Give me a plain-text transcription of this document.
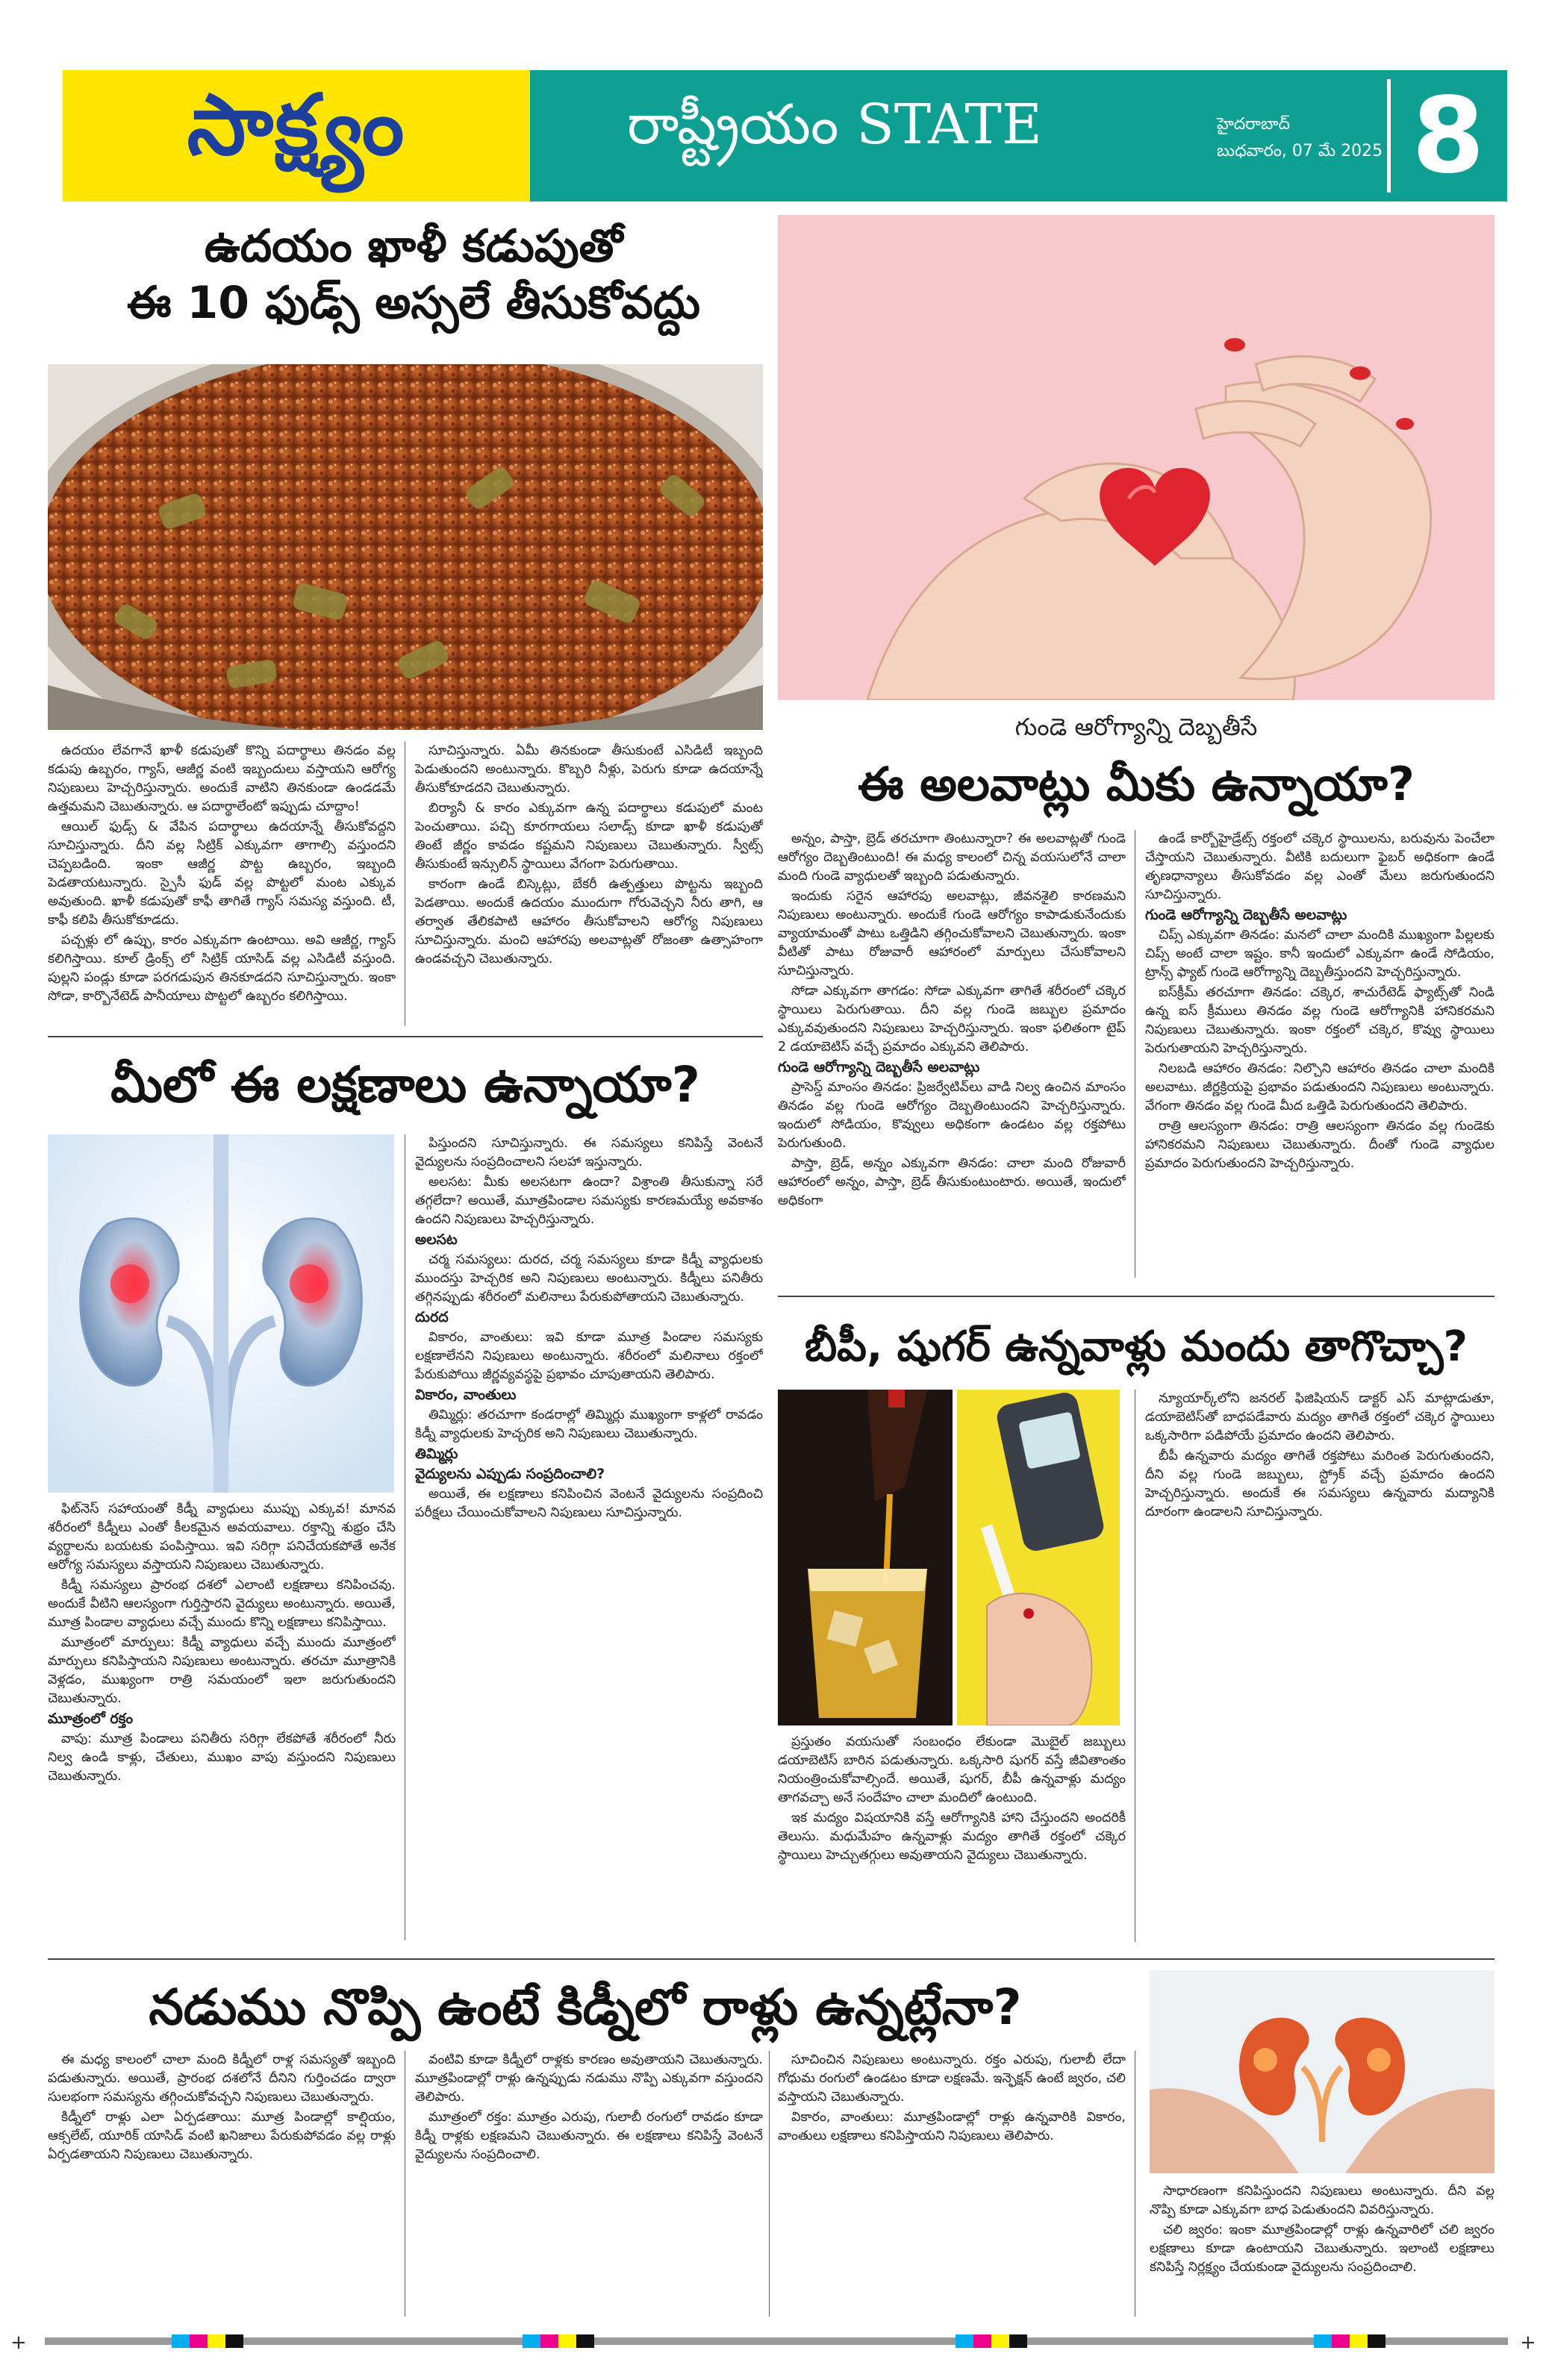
సాక్ష్యం	రాష్ట్రీయం STATE	హైదరాబాద్
బుధవారం, 07 మే 2025 8
ఉదయం ఖాళీ కడుపుతో
ఈ 10 ఫుడ్స్ అస్సలే తీసుకోవద్దు

ఉదయం లేవగానే ఖాళీ కడుపుతో కొన్ని పదార్థాలు తినడం వల్ల కడుపు ఉబ్బరం, గ్యాస్, ఆజీర్ణ వంటి ఇబ్బందులు వస్తాయని ఆరోగ్య నిపుణులు హెచ్చరిస్తున్నారు. అందుకే వాటిని తినకుండా ఉండడమే ఉత్తమమని చెబుతున్నారు. ఆ పదార్థాలేంటో ఇప్పుడు చూద్దాం!

ఆయిల్ ఫుడ్స్ & వేపిన పదార్థాలు ఉదయాన్నే తీసుకోవద్దని సూచిస్తున్నారు. దీని వల్ల సిట్రిక్ ఎక్కువగా తాగాల్సి వస్తుందని చెప్పబడింది. ఇంకా ఆజీర్ణ పొట్ట ఉబ్బరం, ఇబ్బంది పెడతాయటున్నారు. స్పైసీ ఫుడ్ వల్ల పొట్టలో మంట ఎక్కువ అవుతుంది. ఖాళీ కడుపుతో కాఫీ తాగితే గ్యాస్ సమస్య వస్తుంది. టీ, కాఫీ కలిపి తీసుకోకూడదు.

పచ్చళ్లు లో ఉప్పు, కారం ఎక్కువగా ఉంటాయి. అవి ఆజీర్ణ, గ్యాస్ కలిగిస్తాయి. కూల్ డ్రింక్స్ లో సిట్రిక్ యాసిడ్ వల్ల ఎసిడిటీ వస్తుంది. పుల్లని పండ్లు కూడా పరగడుపున తినకూడదని సూచిస్తున్నారు. ఇంకా సోడా, కార్బొనేటెడ్ పానీయాలు పొట్టలో ఉబ్బరం కలిగిస్తాయి.

సూచిస్తున్నారు. ఏమీ తినకుండా తీసుకుంటే ఎసిడిటీ ఇబ్బంది పెడుతుందని అంటున్నారు. కొబ్బరి నీళ్లు, పెరుగు కూడా ఉదయాన్నే తీసుకోకూడదని చెబుతున్నారు.

బిర్యానీ & కారం ఎక్కువగా ఉన్న పదార్థాలు కడుపులో మంట పెంచుతాయి. పచ్చి కూరగాయలు సలాడ్స్ కూడా ఖాళీ కడుపుతో తింటే జీర్ణం కావడం కష్టమని నిపుణులు చెబుతున్నారు. స్వీట్స్ తీసుకుంటే ఇన్సులిన్ స్థాయిలు వేగంగా పెరుగుతాయి.

కారంగా ఉండే బిస్కెట్లు, బేకరీ ఉత్పత్తులు పొట్టను ఇబ్బంది పెడతాయి. అందుకే ఉదయం ముందుగా గోరువెచ్చని నీరు తాగి, ఆ తర్వాత తేలికపాటి ఆహారం తీసుకోవాలని ఆరోగ్య నిపుణులు సూచిస్తున్నారు. మంచి ఆహారపు అలవాట్లతో రోజంతా ఉత్సాహంగా ఉండవచ్చని చెబుతున్నారు.

గుండె ఆరోగ్యాన్ని దెబ్బతీసే
ఈ అలవాట్లు మీకు ఉన్నాయా?

అన్నం, పాస్తా, బ్రెడ్ తరచూగా తింటున్నారా? ఈ అలవాట్లతో గుండె ఆరోగ్యం దెబ్బతింటుంది! ఈ మధ్య కాలంలో చిన్న వయసులోనే చాలా మంది గుండె వ్యాధులతో ఇబ్బంది పడుతున్నారు.

ఇందుకు సరైన ఆహారపు అలవాట్లు, జీవనశైలి కారణమని నిపుణులు అంటున్నారు. అందుకే గుండె ఆరోగ్యం కాపాడుకునేందుకు వ్యాయామంతో పాటు ఒత్తిడిని తగ్గించుకోవాలని చెబుతున్నారు. ఇంకా వీటితో పాటు రోజువారీ ఆహారంలో మార్పులు చేసుకోవాలని సూచిస్తున్నారు.

సోడా ఎక్కువగా తాగడం: సోడా ఎక్కువగా తాగితే శరీరంలో చక్కెర స్థాయిలు పెరుగుతాయి. దీని వల్ల గుండె జబ్బుల ప్రమాదం ఎక్కువవుతుందని నిపుణులు హెచ్చరిస్తున్నారు. ఇంకా ఫలితంగా టైప్ 2 డయాబెటిస్ వచ్చే ప్రమాదం ఎక్కువని తెలిపారు.

గుండె ఆరోగ్యాన్ని దెబ్బతీసే అలవాట్లు

ప్రాసెస్డ్ మాంసం తినడం: ప్రిజర్వేటివ్‌లు వాడి నిల్వ ఉంచిన మాంసం తినడం వల్ల గుండె ఆరోగ్యం దెబ్బతింటుందని హెచ్చరిస్తున్నారు. ఇందులో సోడియం, కొవ్వులు అధికంగా ఉండటం వల్ల రక్తపోటు పెరుగుతుంది.

పాస్తా, బ్రెడ్, అన్నం ఎక్కువగా తినడం: చాలా మంది రోజువారీ ఆహారంలో అన్నం, పాస్తా, బ్రెడ్ తీసుకుంటుంటారు. అయితే, ఇందులో అధికంగా

ఉండే కార్బోహైడ్రేట్స్ రక్తంలో చక్కెర స్థాయిలను, బరువును పెంచేలా చేస్తాయని చెబుతున్నారు. వీటికి బదులుగా ఫైబర్ అధికంగా ఉండే తృణధాన్యాలు తీసుకోవడం వల్ల ఎంతో మేలు జరుగుతుందని సూచిస్తున్నారు.

గుండె ఆరోగ్యాన్ని దెబ్బతీసే అలవాట్లు

చిప్స్ ఎక్కువగా తినడం: మనలో చాలా మందికి ముఖ్యంగా పిల్లలకు చిప్స్ అంటే చాలా ఇష్టం. కానీ ఇందులో ఎక్కువగా ఉండే సోడియం, ట్రాన్స్ ఫ్యాట్ గుండె ఆరోగ్యాన్ని దెబ్బతీస్తుందని హెచ్చరిస్తున్నారు.

ఐస్‌క్రీమ్ తరచూగా తినడం: చక్కెర, శాచురేటెడ్ ఫ్యాట్స్‌తో నిండి ఉన్న ఐస్ క్రీములు తినడం వల్ల గుండె ఆరోగ్యానికి హానికరమని నిపుణులు చెబుతున్నారు. ఇంకా రక్తంలో చక్కెర, కొవ్వు స్థాయిలు పెరుగుతాయని హెచ్చరిస్తున్నారు.

నిలబడి ఆహారం తినడం: నిల్చొని ఆహారం తినడం చాలా మందికి అలవాటు. జీర్ణక్రియపై ప్రభావం పడుతుందని నిపుణులు అంటున్నారు. వేగంగా తినడం వల్ల గుండె మీద ఒత్తిడి పెరుగుతుందని తెలిపారు.

రాత్రి ఆలస్యంగా తినడం: రాత్రి ఆలస్యంగా తినడం వల్ల గుండెకు హానికరమని నిపుణులు చెబుతున్నారు. దీంతో గుండె వ్యాధుల ప్రమాదం పెరుగుతుందని హెచ్చరిస్తున్నారు.

మీలో ఈ లక్షణాలు ఉన్నాయా?

ఫిట్‌నెస్ సహాయంతో కిడ్నీ వ్యాధులు ముప్పు ఎక్కువ! మానవ శరీరంలో కిడ్నీలు ఎంతో కీలకమైన అవయవాలు. రక్తాన్ని శుభ్రం చేసి వ్యర్థాలను బయటకు పంపిస్తాయి. ఇవి సరిగ్గా పనిచేయకపోతే అనేక ఆరోగ్య సమస్యలు వస్తాయని నిపుణులు చెబుతున్నారు.

కిడ్నీ సమస్యలు ప్రారంభ దశలో ఎలాంటి లక్షణాలు కనిపించవు. అందుకే వీటిని ఆలస్యంగా గుర్తిస్తారని వైద్యులు అంటున్నారు. అయితే, మూత్ర పిండాల వ్యాధులు వచ్చే ముందు కొన్ని లక్షణాలు కనిపిస్తాయి.

మూత్రంలో మార్పులు: కిడ్నీ వ్యాధులు వచ్చే ముందు మూత్రంలో మార్పులు కనిపిస్తాయని నిపుణులు అంటున్నారు. తరచూ మూత్రానికి వెళ్లడం, ముఖ్యంగా రాత్రి సమయంలో ఇలా జరుగుతుందని చెబుతున్నారు.

మూత్రంలో రక్తం

వాపు: మూత్ర పిండాలు పనితీరు సరిగ్గా లేకపోతే శరీరంలో నీరు నిల్వ ఉండి కాళ్లు, చేతులు, ముఖం వాపు వస్తుందని నిపుణులు చెబుతున్నారు.

పిస్తుందని సూచిస్తున్నారు. ఈ సమస్యలు కనిపిస్తే వెంటనే వైద్యులను సంప్రదించాలని సలహా ఇస్తున్నారు.

అలసట: మీకు అలసటగా ఉందా? విశ్రాంతి తీసుకున్నా సరే తగ్గలేదా? అయితే, మూత్రపిండాల సమస్యకు కారణమయ్యే అవకాశం ఉందని నిపుణులు హెచ్చరిస్తున్నారు.

అలసట

చర్మ సమస్యలు: దురద, చర్మ సమస్యలు కూడా కిడ్నీ వ్యాధులకు ముందస్తు హెచ్చరిక అని నిపుణులు అంటున్నారు. కిడ్నీలు పనితీరు తగ్గినప్పుడు శరీరంలో మలినాలు పేరుకుపోతాయని చెబుతున్నారు.

దురద

వికారం, వాంతులు: ఇవి కూడా మూత్ర పిండాల సమస్యకు లక్షణాలేనని నిపుణులు అంటున్నారు. శరీరంలో మలినాలు రక్తంలో పేరుకుపోయి జీర్ణవ్యవస్థపై ప్రభావం చూపుతాయని తెలిపారు.

వికారం, వాంతులు

తిమ్మిర్లు: తరచూగా కండరాల్లో తిమ్మిర్లు ముఖ్యంగా కాళ్లలో రావడం కిడ్నీ వ్యాధులకు హెచ్చరిక అని నిపుణులు చెబుతున్నారు.

తిమ్మిర్లు

వైద్యులను ఎప్పుడు సంప్రదించాలి?

అయితే, ఈ లక్షణాలు కనిపించిన వెంటనే వైద్యులను సంప్రదించి పరీక్షలు చేయించుకోవాలని నిపుణులు సూచిస్తున్నారు.

బీపీ, షుగర్ ఉన్నవాళ్లు మందు తాగొచ్చా?

ప్రస్తుతం వయసుతో సంబంధం లేకుండా మొబైల్ జబ్బులు డయాబెటిస్ బారిన పడుతున్నారు. ఒక్కసారి షుగర్ వస్తే జీవితాంతం నియంత్రించుకోవాల్సిందే. అయితే, షుగర్, బీపీ ఉన్నవాళ్లు మద్యం తాగవచ్చా అనే సందేహం చాలా మందిలో ఉంటుంది.

ఇక మద్యం విషయానికి వస్తే ఆరోగ్యానికి హాని చేస్తుందని అందరికీ తెలుసు. మధుమేహం ఉన్నవాళ్లు మద్యం తాగితే రక్తంలో చక్కెర స్థాయిలు హెచ్చుతగ్గులు అవుతాయని వైద్యులు చెబుతున్నారు.

న్యూయార్క్‌లోని జనరల్ ఫిజిషియన్ డాక్టర్ ఎస్ మాట్లాడుతూ, డయాబెటిస్‌తో బాధపడేవారు మద్యం తాగితే రక్తంలో చక్కెర స్థాయిలు ఒక్కసారిగా పడిపోయే ప్రమాదం ఉందని తెలిపారు.

బీపీ ఉన్నవారు మద్యం తాగితే రక్తపోటు మరింత పెరుగుతుందని, దీని వల్ల గుండె జబ్బులు, స్ట్రోక్ వచ్చే ప్రమాదం ఉందని హెచ్చరిస్తున్నారు. అందుకే ఈ సమస్యలు ఉన్నవారు మద్యానికి దూరంగా ఉండాలని సూచిస్తున్నారు.

నడుము నొప్పి ఉంటే కిడ్నీలో రాళ్లు ఉన్నట్లేనా?

ఈ మధ్య కాలంలో చాలా మంది కిడ్నీలో రాళ్ల సమస్యతో ఇబ్బంది పడుతున్నారు. అయితే, ప్రారంభ దశలోనే దీనిని గుర్తించడం ద్వారా సులభంగా సమస్యను తగ్గించుకోవచ్చని నిపుణులు చెబుతున్నారు.

కిడ్నీలో రాళ్లు ఎలా ఏర్పడతాయి: మూత్ర పిండాల్లో కాల్షియం, ఆక్సలేట్, యూరిక్ యాసిడ్ వంటి ఖనిజాలు పేరుకుపోవడం వల్ల రాళ్లు ఏర్పడతాయని నిపుణులు చెబుతున్నారు.

వంటివి కూడా కిడ్నీలో రాళ్లకు కారణం అవుతాయని చెబుతున్నారు. మూత్రపిండాల్లో రాళ్లు ఉన్నప్పుడు నడుము నొప్పి ఎక్కువగా వస్తుందని తెలిపారు.

మూత్రంలో రక్తం: మూత్రం ఎరుపు, గులాబీ రంగులో రావడం కూడా కిడ్నీ రాళ్లకు లక్షణమని చెబుతున్నారు. ఈ లక్షణాలు కనిపిస్తే వెంటనే వైద్యులను సంప్రదించాలి.

సూచించిన నిపుణులు అంటున్నారు. రక్తం ఎరుపు, గులాబీ లేదా గోధుమ రంగులో ఉండటం కూడా లక్షణమే. ఇన్ఫెక్షన్ ఉంటే జ్వరం, చలి వస్తాయని చెబుతున్నారు.

వికారం, వాంతులు: మూత్రపిండాల్లో రాళ్లు ఉన్నవారికి వికారం, వాంతులు లక్షణాలు కనిపిస్తాయని నిపుణులు తెలిపారు.

సాధారణంగా కనిపిస్తుందని నిపుణులు అంటున్నారు. దీని వల్ల నొప్పి కూడా ఎక్కువగా బాధ పెడుతుందని వివరిస్తున్నారు.

చలి జ్వరం: ఇంకా మూత్రపిండాల్లో రాళ్లు ఉన్నవారిలో చలి జ్వరం లక్షణాలు కూడా ఉంటాయని చెబుతున్నారు. ఇలాంటి లక్షణాలు కనిపిస్తే నిర్లక్ష్యం చేయకుండా వైద్యులను సంప్రదించాలి.

+	+
